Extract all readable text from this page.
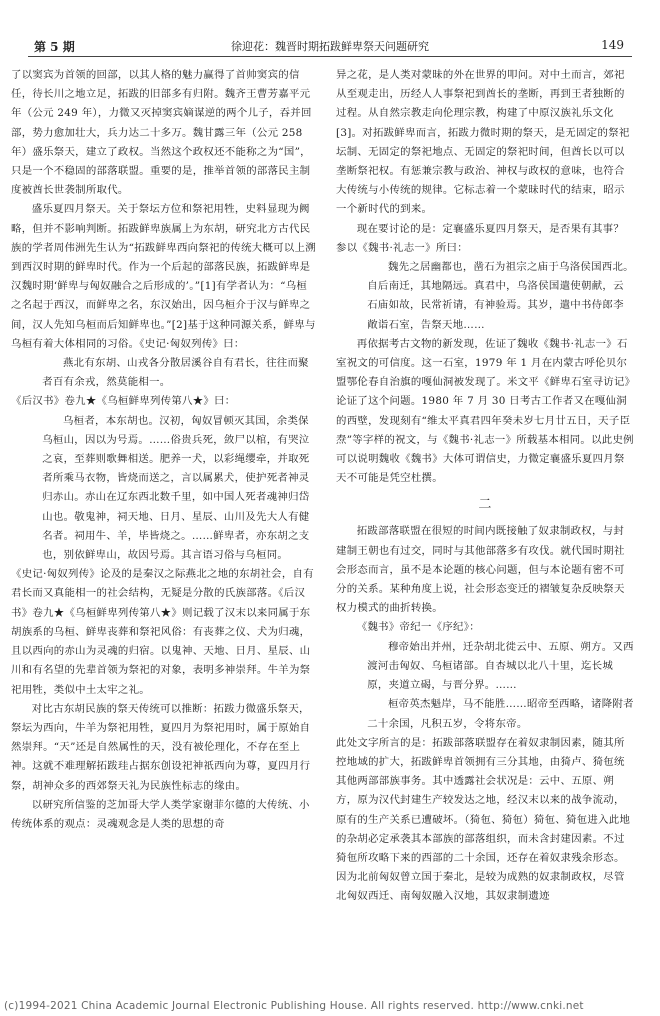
第 5 期	徐迎花：魏晋时期拓跋鲜卑祭天问题研究	149
了以窦宾为首领的回部，以其人格的魅力赢得了首帅窦宾的信任，待长川之地立足，拓跋的旧部多有归附。魏齐王曹芳嘉平元年（公元 249 年），力微又灭掉窦宾嫡谋逆的两个儿子，吞并回部，势力愈加壮大，兵力达二十多万。魏甘露三年（公元 258 年）盛乐祭天，建立了政权。当然这个政权还不能称之为“国”，只是一个不稳固的部落联盟。重要的是，推举首领的部落民主制度被酋长世袭制所取代。
盛乐夏四月祭天。关于祭坛方位和祭祀用牲，史料显现为阙略，但并不影响判断。拓跋鲜卑族属上为东胡，研究北方古代民族的学者周伟洲先生认为“拓跋鲜卑西向祭祀的传统大概可以上溯到西汉时期的鲜卑时代。作为一个后起的部落民族，拓跋鲜卑是汉魏时期‘鲜卑与匈奴融合之后形成的’。”[1]有学者认为：“乌桓之名起于西汉，而鲜卑之名，东汉始出，因乌桓介于汉与鲜卑之间，汉人先知乌桓而后知鲜卑也。”[2]基于这种同源关系，鲜卑与乌桓有着大体相同的习俗。《史记·匈奴列传》曰：
燕北有东胡、山戎各分散居溪谷自有君长，往往而聚者百有余戎，然莫能相一。
《后汉书》卷九★《乌桓鲜卑列传第八★》曰：
乌桓者，本东胡也。汉初，匈奴冒顿灭其国，余类保乌桓山，因以为号焉。……俗贵兵死，敛尸以棺，有哭泣之哀，至葬则歌舞相送。肥养一犬，以彩绳缨牵，并取死者所乘马衣物，皆烧而送之，言以属累犬，使护死者神灵归赤山。赤山在辽东西北数千里，如中国人死者魂神归岱山也。敬鬼神，祠天地、日月、星辰、山川及先大人有健名者。祠用牛、羊，毕皆烧之。……鲜卑者，亦东胡之支也，别依鲜卑山，故因号焉。其言语习俗与乌桓同。
《史记·匈奴列传》论及的是秦汉之际燕北之地的东胡社会，自有君长而又真能相一的社会结构，无疑是分散的氏族部落。《后汉书》卷九★《乌桓鲜卑列传第八★》则记载了汉末以来同属于东胡族系的乌桓、鲜卑丧葬和祭祀风俗：有丧葬之仪、犬为归魂，且以西向的赤山为灵魂的归宿。以鬼神、天地、日月、星辰、山川和有名望的先辈首领为祭祀的对象，表明多神崇拜。牛羊为祭祀用牲，类似中土太牢之礼。
对比古东胡民族的祭天传统可以推断：拓跋力微盛乐祭天，祭坛为西向，牛羊为祭祀用牲，夏四月为祭祀用时，属于原始自然崇拜。“天”还是自然属性的天，没有被伦理化，不存在至上神。这就不难理解拓跋珪占据东创设祀神祇西向为尊，夏四月行祭，胡神众多的西郊祭天礼为民族性标志的缘由。
以研究所信鉴的芝加哥大学人类学家谢菲尔德的大传统、小传统体系的观点：灵魂观念是人类的思想的奇
异之花，是人类对蒙昧的外在世界的叩问。对中土而言，郊祀从至观走出，历经人人事祭祀到酋长的垄断，再到王者独断的过程。从自然宗教走向伦理宗教，构建了中原汉族礼乐文化[3]。对拓跋鲜卑而言，拓跋力微时期的祭天，是无固定的祭祀坛制、无固定的祭祀地点、无固定的祭祀时间，但酋长以可以垄断祭祀权。有惩兼宗教与政治、神权与政权的意味，也符合大传统与小传统的规律。它标志着一个蒙昧时代的结束，昭示一个新时代的到来。
现在要讨论的是：定襄盛乐夏四月祭天，是否果有其事？参以《魏书·礼志一》所曰：
魏先之居幽都也，凿石为祖宗之庙于乌洛侯国西北。自后南迁，其地隔远。真君中，乌洛侯国遣使朝献，云石庙如故，民常祈请，有神验焉。其岁，遣中书侍郎李敞诣石室，告祭天地……
再依据考古文物的新发现，佐证了魏收《魏书·礼志一》石室祝文的可信度。这一石室，1979 年 1 月在内蒙古呼伦贝尔盟鄂伦春自治旗的嘎仙洞被发现了。米文平《鲜卑石室寻访记》论证了这个问题。1980 年 7 月 30 日考古工作者又在嘎仙洞的西壁，发现刻有“维太平真君四年癸未岁七月廿五日，天子臣焘”等字样的祝文，与《魏书·礼志一》所载基本相同。以此史例可以说明魏收《魏书》大体可谓信史，力微定襄盛乐夏四月祭天不可能是凭空杜撰。
二
拓跋部落联盟在很短的时间内既接触了奴隶制政权，与封建制王朝也有过交，同时与其他部落多有攻伐。就代国时期社会形态而言，虽不是本论题的核心问题，但与本论题有密不可分的关系。某种角度上说，社会形态变迁的褶皱复杂反映祭天权力模式的曲折转换。
《魏书》帝纪一《序纪》：
穆帝始出并州，迁杂胡北徙云中、五原、朔方。又西渡河击匈奴、乌桓诸部。自杏城以北八十里，迄长城原，夹道立碣，与晋分界。……
桓帝英杰魁岸，马不能胜……昭帝至西略，诸降附者二十余国，凡积五岁，令将东帝。
此处文字所言的是：拓跋部落联盟存在着奴隶制因素，随其所控地域的扩大，拓跋鲜卑首领拥有三分其地，由猗卢、猗㐌统其他两部部族事务。其中透露社会状况是：云中、五原、朔方，原为汉代封建生产较发达之地，经汉末以来的战争流动，原有的生产关系已遭破坏。（猗㐌、猗㐌）猗㐌、猗㐌进入此地的杂胡必定承袭其本部族的部落组织，而未含封建因素。不过猗㐌所攻略下来的西部的二十余国，还存在着奴隶残余形态。因为北前匈奴曾立国于秦北，是较为成熟的奴隶制政权，尽管北匈奴西迁、南匈奴融入汉地，其奴隶制遗迹
(c)1994-2021 China Academic Journal Electronic Publishing House. All rights reserved. http://www.cnki.net
